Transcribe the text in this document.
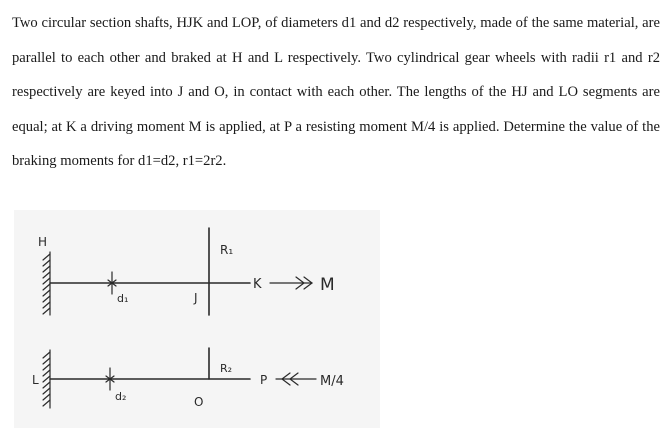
Two circular section shafts, HJK and LOP, of diameters d1 and d2 respectively, made of the same material, are parallel to each other and braked at H and L respectively. Two cylindrical gear wheels with radii r1 and r2 respectively are keyed into J and O, in contact with each other. The lengths of the HJ and LO segments are equal; at K a driving moment M is applied, at P a resisting moment M/4 is applied. Determine the value of the braking moments for d1=d2, r1=2r2.

H
d₁	J
R₁
K	M
L
d₂	O
R₂
P	M/4
